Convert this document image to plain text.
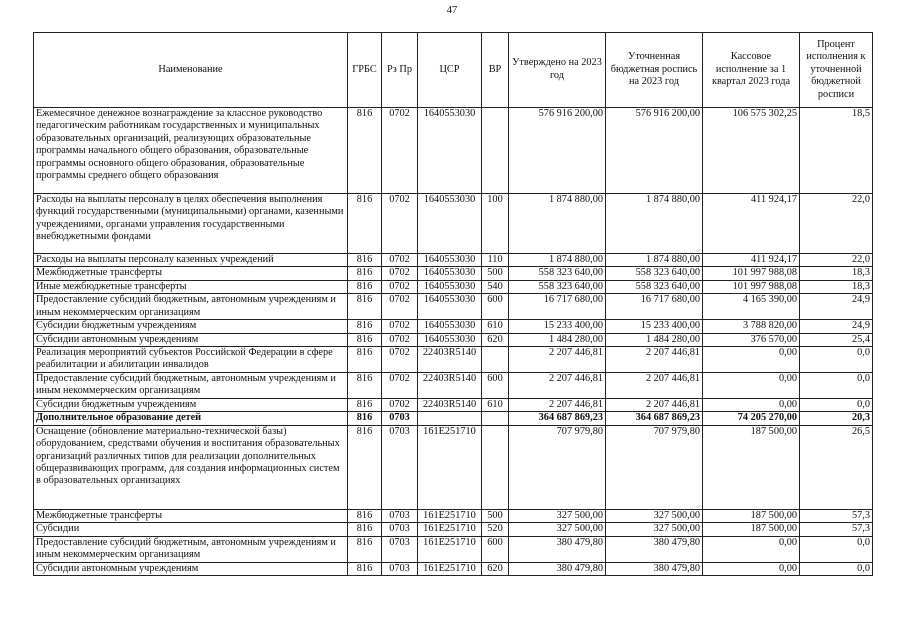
47
Наименование	ГРБС	Рз Пр	ЦСР	ВР	Утверждено на 2023 год	Уточненная бюджетная роспись на 2023 год	Кассовое исполнение за 1 квартал 2023 года	Процент исполнения к уточненной бюджетной росписи
Ежемесячное денежное вознаграждение за классное руководство педагогическим работникам государственных и муниципальных образовательных организаций, реализующих образовательные программы начального общего образования, образовательные программы основного общего образования, образовательные программы среднего общего образования	816	0702	1640553030		576 916 200,00	576 916 200,00	106 575 302,25	18,5
Расходы на выплаты персоналу в целях обеспечения выполнения функций государственными (муниципальными) органами, казенными учреждениями, органами управления государственными внебюджетными фондами	816	0702	1640553030	100	1 874 880,00	1 874 880,00	411 924,17	22,0
Расходы на выплаты персоналу казенных учреждений	816	0702	1640553030	110	1 874 880,00	1 874 880,00	411 924,17	22,0
Межбюджетные трансферты	816	0702	1640553030	500	558 323 640,00	558 323 640,00	101 997 988,08	18,3
Иные межбюджетные трансферты	816	0702	1640553030	540	558 323 640,00	558 323 640,00	101 997 988,08	18,3
Предоставление субсидий бюджетным, автономным учреждениям и иным некоммерческим организациям	816	0702	1640553030	600	16 717 680,00	16 717 680,00	4 165 390,00	24,9
Субсидии бюджетным учреждениям	816	0702	1640553030	610	15 233 400,00	15 233 400,00	3 788 820,00	24,9
Субсидии автономным учреждениям	816	0702	1640553030	620	1 484 280,00	1 484 280,00	376 570,00	25,4
Реализация мероприятий субъектов Российской Федерации в сфере реабилитации и абилитации инвалидов	816	0702	22403R5140		2 207 446,81	2 207 446,81	0,00	0,0
Предоставление субсидий бюджетным, автономным учреждениям и иным некоммерческим организациям	816	0702	22403R5140	600	2 207 446,81	2 207 446,81	0,00	0,0
Субсидии бюджетным учреждениям	816	0702	22403R5140	610	2 207 446,81	2 207 446,81	0,00	0,0
Дополнительное образование детей	816	0703			364 687 869,23	364 687 869,23	74 205 270,00	20,3
Оснащение (обновление материально-технической базы) оборудованием, средствами обучения и воспитания образовательных организаций различных типов для реализации дополнительных общеразвивающих программ, для создания информационных систем в образовательных организациях	816	0703	161E251710		707 979,80	707 979,80	187 500,00	26,5
Межбюджетные трансферты	816	0703	161E251710	500	327 500,00	327 500,00	187 500,00	57,3
Субсидии	816	0703	161E251710	520	327 500,00	327 500,00	187 500,00	57,3
Предоставление субсидий бюджетным, автономным учреждениям и иным некоммерческим организациям	816	0703	161E251710	600	380 479,80	380 479,80	0,00	0,0
Субсидии автономным учреждениям	816	0703	161E251710	620	380 479,80	380 479,80	0,00	0,0
